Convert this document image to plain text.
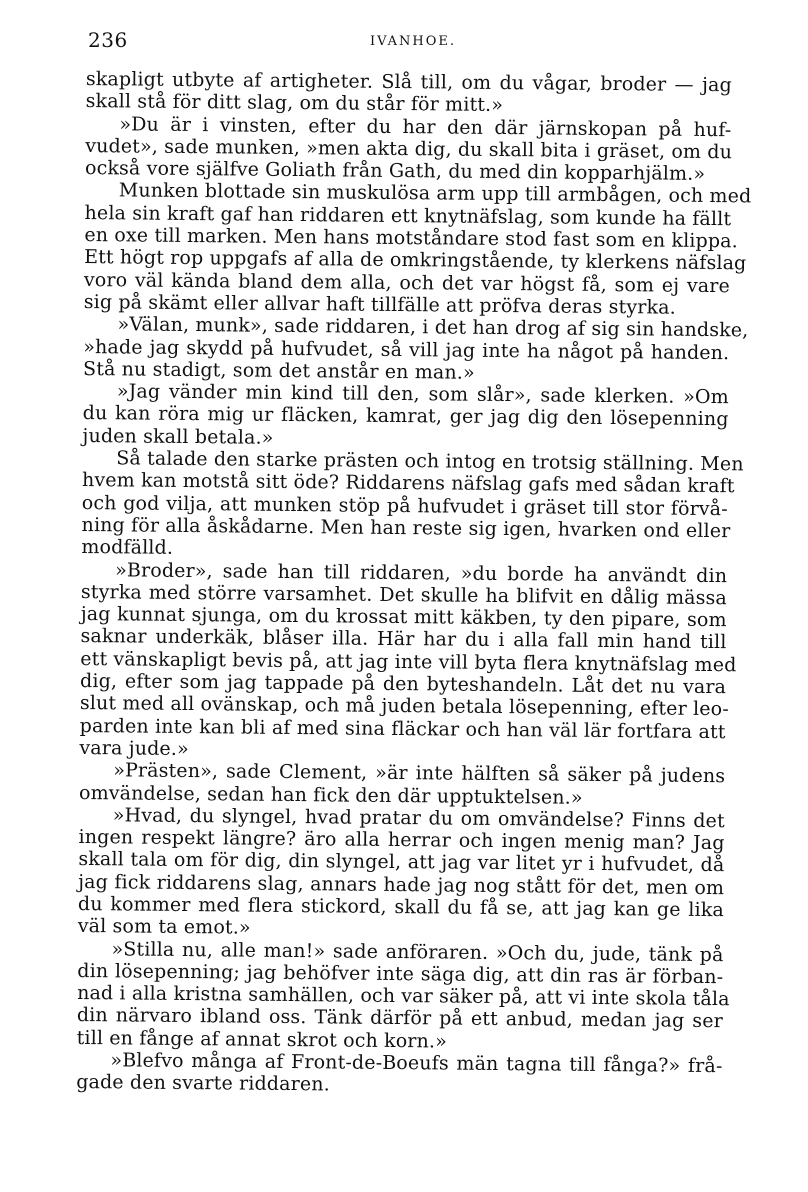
236	IVANHOE.
skapligt utbyte af artigheter. Slå till, om du vågar, broder — jag
skall stå för ditt slag, om du står för mitt.»
»Du är i vinsten, efter du har den där järnskopan på huf-
vudet», sade munken, »men akta dig, du skall bita i gräset, om du
också vore själfve Goliath från Gath, du med din kopparhjälm.»
Munken blottade sin muskulösa arm upp till armbågen, och med
hela sin kraft gaf han riddaren ett knytnäfslag, som kunde ha fällt
en oxe till marken. Men hans motståndare stod fast som en klippa.
Ett högt rop uppgafs af alla de omkringstående, ty klerkens näfslag
voro väl kända bland dem alla, och det var högst få, som ej vare
sig på skämt eller allvar haft tillfälle att pröfva deras styrka.
»Välan, munk», sade riddaren, i det han drog af sig sin handske,
»hade jag skydd på hufvudet, så vill jag inte ha något på handen.
Stå nu stadigt, som det anstår en man.»
»Jag vänder min kind till den, som slår», sade klerken. »Om
du kan röra mig ur fläcken, kamrat, ger jag dig den lösepenning
juden skall betala.»
Så talade den starke prästen och intog en trotsig ställning. Men
hvem kan motstå sitt öde? Riddarens näfslag gafs med sådan kraft
och god vilja, att munken stöp på hufvudet i gräset till stor förvå-
ning för alla åskådarne. Men han reste sig igen, hvarken ond eller
modfälld.
»Broder», sade han till riddaren, »du borde ha användt din
styrka med större varsamhet. Det skulle ha blifvit en dålig mässa
jag kunnat sjunga, om du krossat mitt käkben, ty den pipare, som
saknar underkäk, blåser illa. Här har du i alla fall min hand till
ett vänskapligt bevis på, att jag inte vill byta flera knytnäfslag med
dig, efter som jag tappade på den byteshandeln. Låt det nu vara
slut med all ovänskap, och må juden betala lösepenning, efter leo-
parden inte kan bli af med sina fläckar och han väl lär fortfara att
vara jude.»
»Prästen», sade Clement, »är inte hälften så säker på judens
omvändelse, sedan han fick den där upptuktelsen.»
»Hvad, du slyngel, hvad pratar du om omvändelse? Finns det
ingen respekt längre? äro alla herrar och ingen menig man? Jag
skall tala om för dig, din slyngel, att jag var litet yr i hufvudet, då
jag fick riddarens slag, annars hade jag nog stått för det, men om
du kommer med flera stickord, skall du få se, att jag kan ge lika
väl som ta emot.»
»Stilla nu, alle man!» sade anföraren. »Och du, jude, tänk på
din lösepenning; jag behöfver inte säga dig, att din ras är förban-
nad i alla kristna samhällen, och var säker på, att vi inte skola tåla
din närvaro ibland oss. Tänk därför på ett anbud, medan jag ser
till en fånge af annat skrot och korn.»
»Blefvo många af Front-de-Boeufs män tagna till fånga?» frå-
gade den svarte riddaren.
